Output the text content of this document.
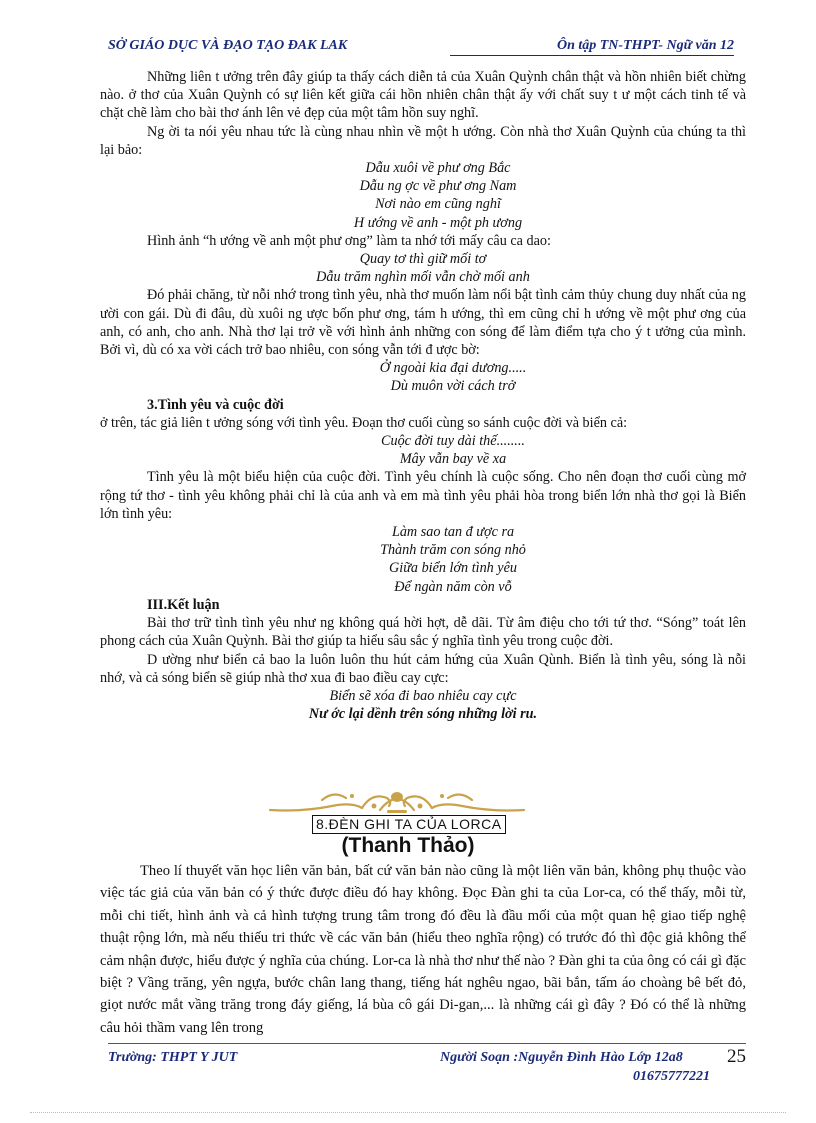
SỞ GIÁO DỤC VÀ ĐẠO TẠO ĐAK LAK	Ôn tập TN-THPT- Ngữ văn 12

Những liên t ưởng trên đây giúp ta thấy cách diễn tả của Xuân Quỳnh chân thật và hồn nhiên biết chừng nào. ở thơ của Xuân Quỳnh có sự liên kết giữa cái hồn nhiên chân thật ấy với chất suy t ư một cách tinh tế và chặt chẽ làm cho bài thơ ánh lên vẻ đẹp của một tâm hồn suy nghĩ.

Ng ời ta nói yêu nhau tức là cùng nhau nhìn về một h ướng. Còn nhà thơ Xuân Quỳnh của chúng ta thì lại bảo:

Dẫu xuôi về phư ơng Bắc

Dẫu ng ợc về phư ơng Nam

Nơi nào em cũng nghĩ

H ướng về anh - một ph ương

Hình ảnh “h ướng về anh một phư ơng” làm ta nhớ tới mấy câu ca dao:

Quay tơ thì giữ mối tơ

Dẫu trăm nghìn mối vẫn chờ mối anh

Đó phải chăng, từ nỗi nhớ trong tình yêu, nhà thơ muốn làm nổi bật tình cảm thủy chung duy nhất của ng ười con gái. Dù đi đâu, dù xuôi ng ược bốn phư ơng, tám h ướng, thì em cũng chỉ h ướng về một phư ơng của anh, có anh, cho anh. Nhà thơ lại trở về với hình ảnh những con sóng để làm điểm tựa cho ý t ưởng của mình. Bởi vì, dù có xa vời cách trở bao nhiêu, con sóng vẫn tới đ ược bờ:

Ở ngoài kia đại dương.....

Dù muôn vời cách trở

3.Tình yêu và cuộc đời

ở trên, tác giả liên t ưởng sóng với tình yêu. Đoạn thơ cuối cùng so sánh cuộc đời và biển cả:

Cuộc đời tuy dài thế........

Mây vẫn bay về xa

Tình yêu là một biểu hiện của cuộc đời. Tình yêu chính là cuộc sống. Cho nên đoạn thơ cuối cùng mở rộng tứ thơ - tình yêu không phải chỉ là của anh và em mà tình yêu phải hòa trong biển lớn nhà thơ gọi là Biển lớn tình yêu:

Làm sao tan đ ược ra

Thành trăm con sóng nhỏ

Giữa biển lớn tình yêu

Để ngàn năm còn vỗ

III.Kết luận

Bài thơ trữ tình tình yêu như ng không quá hời hợt, dễ dãi. Từ âm điệu cho tới tứ thơ. “Sóng” toát lên phong cách của Xuân Quỳnh. Bài thơ giúp ta hiểu sâu sắc ý nghĩa tình yêu trong cuộc đời.

D ường như biển cả bao la luôn luôn thu hút cảm hứng của Xuân Qùnh. Biển là tình yêu, sóng là nỗi nhớ, và cả sóng biển sẽ giúp nhà thơ xua đi bao điều cay cực:

Biển sẽ xóa đi bao nhiêu cay cực

Nư ớc lại dềnh trên sóng những lời ru.

8.ĐÈN GHI TA CỦA LORCA
(Thanh Thảo)

Theo lí thuyết văn học liên văn bản, bất cứ văn bản nào cũng là một liên văn bản, không phụ thuộc vào việc tác giả của văn bản có ý thức được điều đó hay không. Đọc Đàn ghi ta của Lor-ca, có thể thấy, mỗi từ, mỗi chi tiết, hình ảnh và cả hình tượng trung tâm trong đó đều là đầu mối của một quan hệ giao tiếp nghệ thuật rộng lớn, mà nếu thiếu tri thức về các văn bản (hiểu theo nghĩa rộng) có trước đó thì độc giả không thể cảm nhận được, hiểu được ý nghĩa của chúng. Lor-ca là nhà thơ như thế nào ? Đàn ghi ta của ông có cái gì đặc biệt ? Vầng trăng, yên ngựa, bước chân lang thang, tiếng hát nghêu ngao, bãi bắn, tấm áo choàng bê bết đỏ, giọt nước mắt vầng trăng trong đáy giếng, lá bùa cô gái Di-gan,... là những cái gì đây ? Đó có thể là những câu hỏi thầm vang lên trong

Trường: THPT Y JUT	Người Soạn :Nguyễn Đình Hào Lớp 12a8
01675777221
25
